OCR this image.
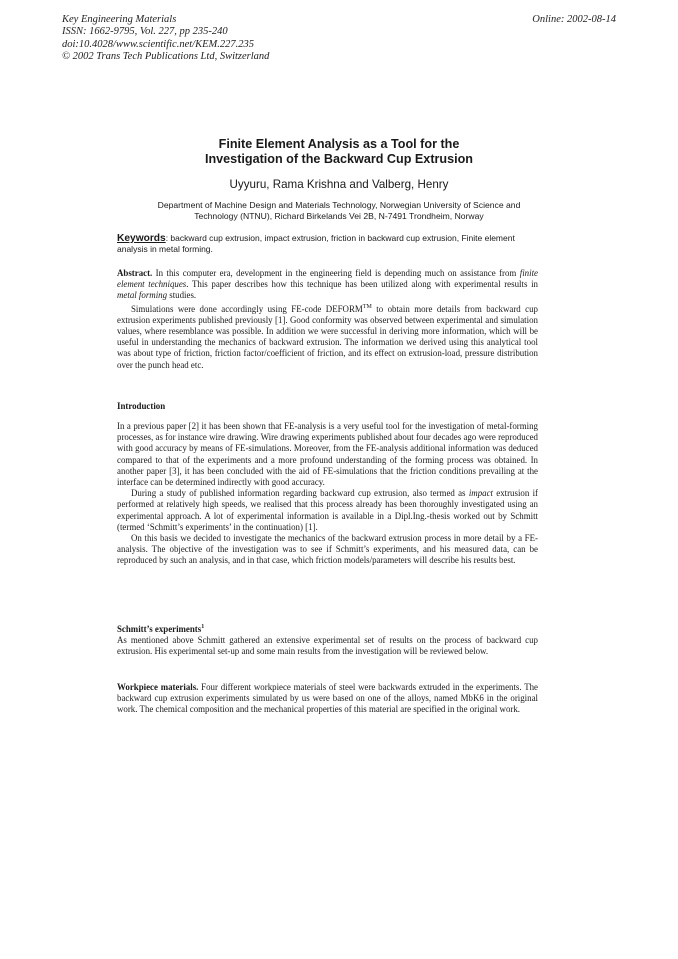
Key Engineering Materials
ISSN: 1662-9795, Vol. 227, pp 235-240
doi:10.4028/www.scientific.net/KEM.227.235
© 2002 Trans Tech Publications Ltd, Switzerland
Online: 2002-08-14
Finite Element Analysis as a Tool for the
Investigation of the Backward Cup Extrusion
Uyyuru, Rama Krishna and Valberg, Henry
Department of Machine Design and Materials Technology, Norwegian University of Science and
Technology (NTNU), Richard Birkelands Vei 2B, N-7491 Trondheim, Norway
Keywords: backward cup extrusion, impact extrusion, friction in backward cup extrusion, Finite element analysis in metal forming.

Abstract. In this computer era, development in the engineering field is depending much on assistance from finite element techniques. This paper describes how this technique has been utilized along with experimental results in metal forming studies.

Simulations were done accordingly using FE-code DEFORM™ to obtain more details from backward cup extrusion experiments published previously [1]. Good conformity was observed between experimental and simulation values, where resemblance was possible. In addition we were successful in deriving more information, which will be useful in understanding the mechanics of backward extrusion. The information we derived using this analytical tool was about type of friction, friction factor/coefficient of friction, and its effect on extrusion-load, pressure distribution over the punch head etc.

Introduction

In a previous paper [2] it has been shown that FE-analysis is a very useful tool for the investigation of metal-forming processes, as for instance wire drawing. Wire drawing experiments published about four decades ago were reproduced with good accuracy by means of FE-simulations. Moreover, from the FE-analysis additional information was deduced compared to that of the experiments and a more profound understanding of the forming process was obtained. In another paper [3], it has been concluded with the aid of FE-simulations that the friction conditions prevailing at the interface can be determined indirectly with good accuracy.

During a study of published information regarding backward cup extrusion, also termed as impact extrusion if performed at relatively high speeds, we realised that this process already has been thoroughly investigated using an experimental approach. A lot of experimental information is available in a Dipl.Ing.-thesis worked out by Schmitt (termed ‘Schmitt’s experiments’ in the continuation) [1].

On this basis we decided to investigate the mechanics of the backward extrusion process in more detail by a FE-analysis. The objective of the investigation was to see if Schmitt’s experiments, and his measured data, can be reproduced by such an analysis, and in that case, which friction models/parameters will describe his results best.

Schmitt’s experiments$^1$

As mentioned above Schmitt gathered an extensive experimental set of results on the process of backward cup extrusion. His experimental set-up and some main results from the investigation will be reviewed below.

Workpiece materials. Four different workpiece materials of steel were backwards extruded in the experiments. The backward cup extrusion experiments simulated by us were based on one of the alloys, named MbK6 in the original work. The chemical composition and the mechanical properties of this material are specified in the original work.
